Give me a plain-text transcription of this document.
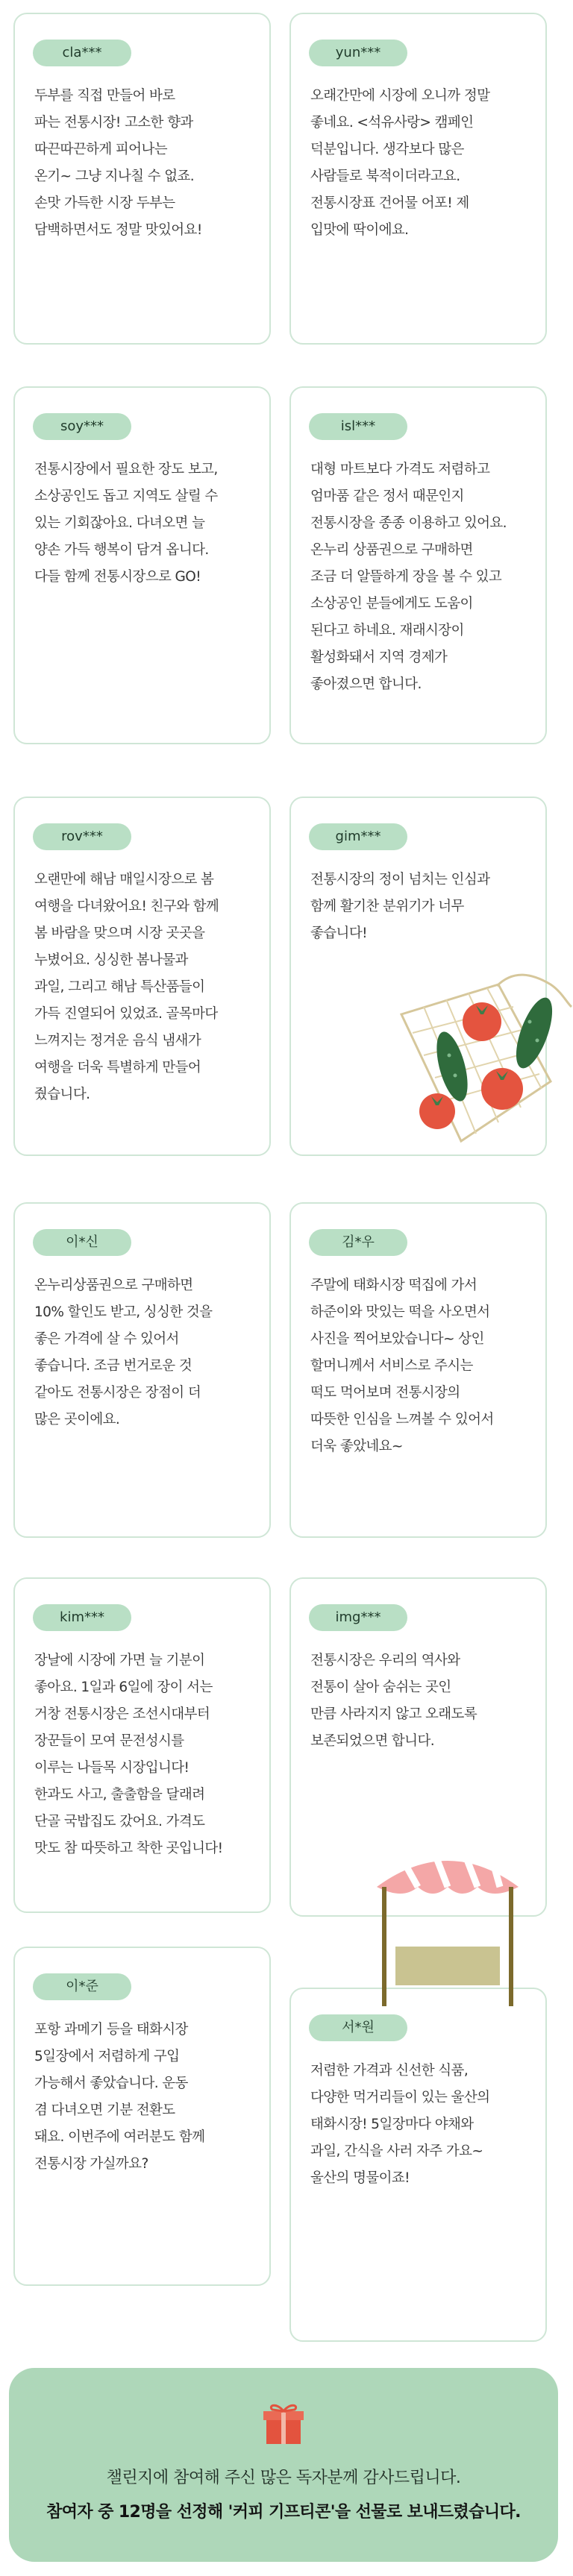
cla***
두부를 직접 만들어 바로
파는 전통시장! 고소한 향과
따끈따끈하게 피어나는
온기~ 그냥 지나칠 수 없죠.
손맛 가득한 시장 두부는
담백하면서도 정말 맛있어요!
yun***
오래간만에 시장에 오니까 정말
좋네요. <석유사랑> 캠페인
덕분입니다. 생각보다 많은
사람들로 북적이더라고요.
전통시장표 건어물 어포! 제
입맛에 딱이에요.
soy***
전통시장에서 필요한 장도 보고,
소상공인도 돕고 지역도 살릴 수
있는 기회잖아요. 다녀오면 늘
양손 가득 행복이 담겨 옵니다.
다들 함께 전통시장으로 GO!
isl***
대형 마트보다 가격도 저렴하고
엄마품 같은 정서 때문인지
전통시장을 종종 이용하고 있어요.
온누리 상품권으로 구매하면
조금 더 알뜰하게 장을 볼 수 있고
소상공인 분들에게도 도움이
된다고 하네요. 재래시장이
활성화돼서 지역 경제가
좋아졌으면 합니다.
rov***
오랜만에 해남 매일시장으로 봄
여행을 다녀왔어요! 친구와 함께
봄 바람을 맞으며 시장 곳곳을
누볐어요. 싱싱한 봄나물과
과일, 그리고 해남 특산품들이
가득 진열되어 있었죠. 골목마다
느껴지는 정겨운 음식 냄새가
여행을 더욱 특별하게 만들어
줬습니다.
gim***
전통시장의 정이 넘치는 인심과
함께 활기찬 분위기가 너무
좋습니다!
이*신
온누리상품권으로 구매하면
10% 할인도 받고, 싱싱한 것을
좋은 가격에 살 수 있어서
좋습니다. 조금 번거로운 것
같아도 전통시장은 장점이 더
많은 곳이에요.
김*우
주말에 태화시장 떡집에 가서
하준이와 맛있는 떡을 사오면서
사진을 찍어보았습니다~ 상인
할머니께서 서비스로 주시는
떡도 먹어보며 전통시장의
따뜻한 인심을 느껴볼 수 있어서
더욱 좋았네요~
kim***
장날에 시장에 가면 늘 기분이
좋아요. 1일과 6일에 장이 서는
거창 전통시장은 조선시대부터
장꾼들이 모여 문전성시를
이루는 나들목 시장입니다!
한과도 사고, 출출함을 달래려
단골 국밥집도 갔어요. 가격도
맛도 참 따뜻하고 착한 곳입니다!
img***
전통시장은 우리의 역사와
전통이 살아 숨쉬는 곳인
만큼 사라지지 않고 오래도록
보존되었으면 합니다.
이*준
포항 과메기 등을 태화시장
5일장에서 저렴하게 구입
가능해서 좋았습니다. 운동
겸 다녀오면 기분 전환도
돼요. 이번주에 여러분도 함께
전통시장 가실까요?
서*원
저렴한 가격과 신선한 식품,
다양한 먹거리들이 있는 울산의
태화시장! 5일장마다 야채와
과일, 간식을 사러 자주 가요~
울산의 명물이죠!
챌린지에 참여해 주신 많은 독자분께 감사드립니다.
참여자 중 12명을 선정해 '커피 기프티콘'을 선물로 보내드렸습니다.
